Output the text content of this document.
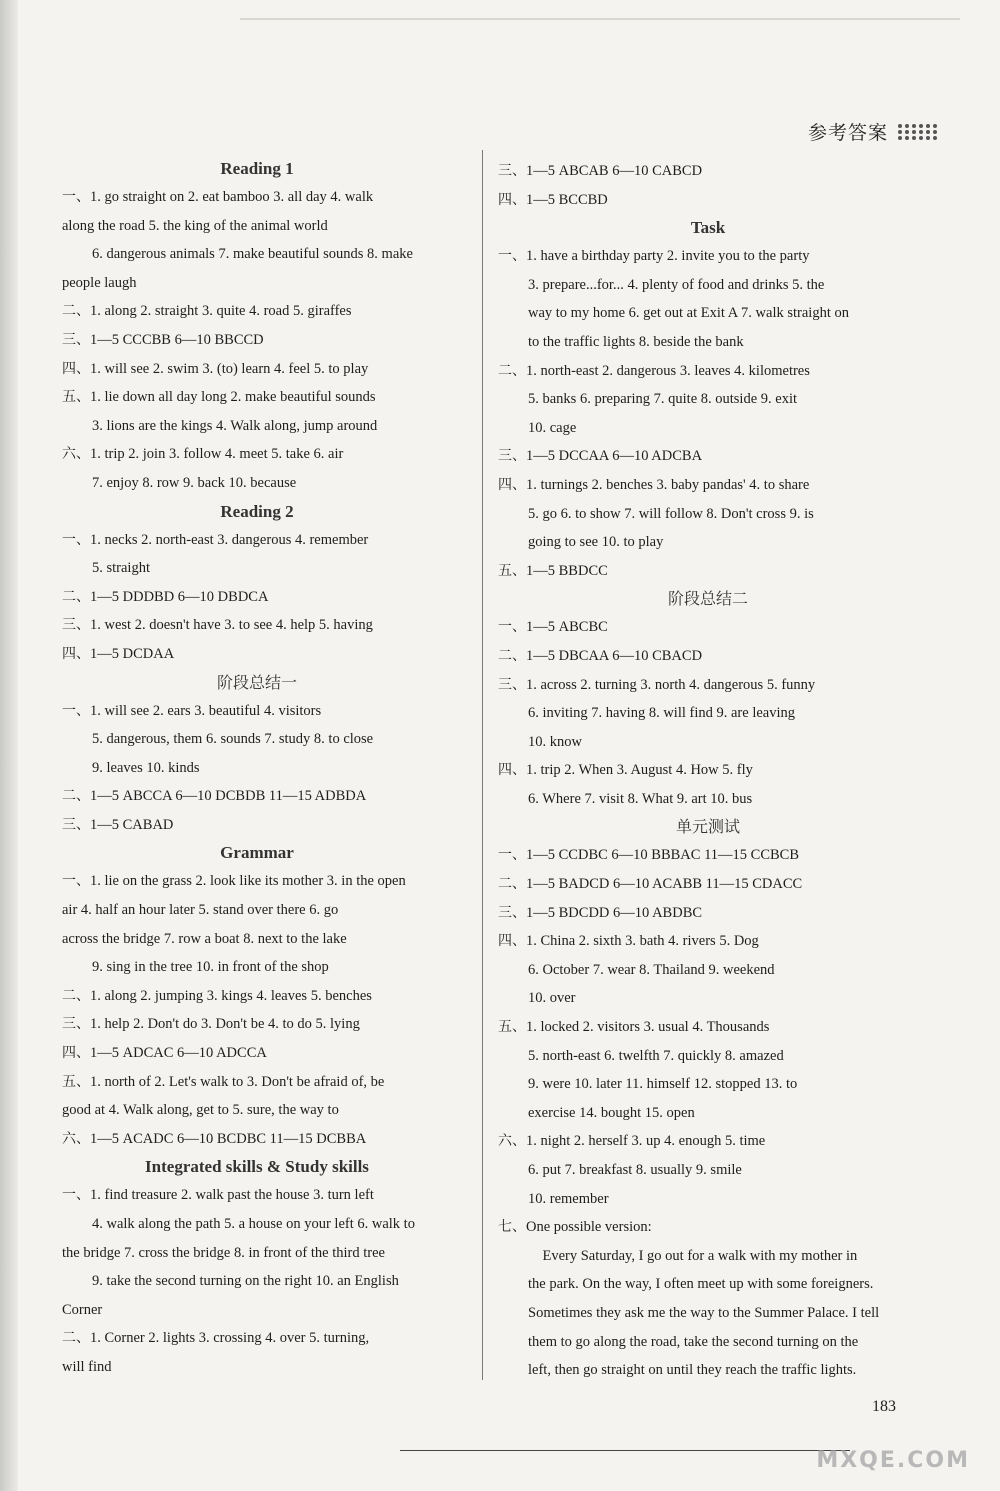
参考答案
Reading 1
一、1. go straight on 2. eat bamboo 3. all day 4. walk
along the road 5. the king of the animal world
6. dangerous animals 7. make beautiful sounds 8. make
people laugh
二、1. along 2. straight 3. quite 4. road 5. giraffes
三、1—5 CCCBB 6—10 BBCCD
四、1. will see 2. swim 3. (to) learn 4. feel 5. to play
五、1. lie down all day long 2. make beautiful sounds
3. lions are the kings 4. Walk along, jump around
六、1. trip 2. join 3. follow 4. meet 5. take 6. air
7. enjoy 8. row 9. back 10. because
Reading 2
一、1. necks 2. north-east 3. dangerous 4. remember
5. straight
二、1—5 DDDBD 6—10 DBDCA
三、1. west 2. doesn't have 3. to see 4. help 5. having
四、1—5 DCDAA
阶段总结一
一、1. will see 2. ears 3. beautiful 4. visitors
5. dangerous, them 6. sounds 7. study 8. to close
9. leaves 10. kinds
二、1—5 ABCCA 6—10 DCBDB 11—15 ADBDA
三、1—5 CABAD
Grammar
一、1. lie on the grass 2. look like its mother 3. in the open
air 4. half an hour later 5. stand over there 6. go
across the bridge 7. row a boat 8. next to the lake
9. sing in the tree 10. in front of the shop
二、1. along 2. jumping 3. kings 4. leaves 5. benches
三、1. help 2. Don't do 3. Don't be 4. to do 5. lying
四、1—5 ADCAC 6—10 ADCCA
五、1. north of 2. Let's walk to 3. Don't be afraid of, be
good at 4. Walk along, get to 5. sure, the way to
六、1—5 ACADC 6—10 BCDBC 11—15 DCBBA
Integrated skills & Study skills
一、1. find treasure 2. walk past the house 3. turn left
4. walk along the path 5. a house on your left 6. walk to
the bridge 7. cross the bridge 8. in front of the third tree
9. take the second turning on the right 10. an English
Corner
二、1. Corner 2. lights 3. crossing 4. over 5. turning,
will find
三、1—5 ABCAB 6—10 CABCD
四、1—5 BCCBD
Task
一、1. have a birthday party 2. invite you to the party
3. prepare...for... 4. plenty of food and drinks 5. the
way to my home 6. get out at Exit A 7. walk straight on
to the traffic lights 8. beside the bank
二、1. north-east 2. dangerous 3. leaves 4. kilometres
5. banks 6. preparing 7. quite 8. outside 9. exit
10. cage
三、1—5 DCCAA 6—10 ADCBA
四、1. turnings 2. benches 3. baby pandas' 4. to share
5. go 6. to show 7. will follow 8. Don't cross 9. is
going to see 10. to play
五、1—5 BBDCC
阶段总结二
一、1—5 ABCBC
二、1—5 DBCAA 6—10 CBACD
三、1. across 2. turning 3. north 4. dangerous 5. funny
6. inviting 7. having 8. will find 9. are leaving
10. know
四、1. trip 2. When 3. August 4. How 5. fly
6. Where 7. visit 8. What 9. art 10. bus
单元测试
一、1—5 CCDBC 6—10 BBBAC 11—15 CCBCB
二、1—5 BADCD 6—10 ACABB 11—15 CDACC
三、1—5 BDCDD 6—10 ABDBC
四、1. China 2. sixth 3. bath 4. rivers 5. Dog
6. October 7. wear 8. Thailand 9. weekend
10. over
五、1. locked 2. visitors 3. usual 4. Thousands
5. north-east 6. twelfth 7. quickly 8. amazed
9. were 10. later 11. himself 12. stopped 13. to
exercise 14. bought 15. open
六、1. night 2. herself 3. up 4. enough 5. time
6. put 7. breakfast 8. usually 9. smile
10. remember
七、One possible version:
Every Saturday, I go out for a walk with my mother in
the park. On the way, I often meet up with some foreigners.
Sometimes they ask me the way to the Summer Palace. I tell
them to go along the road, take the second turning on the
left, then go straight on until they reach the traffic lights.
183
MXQE.COM
